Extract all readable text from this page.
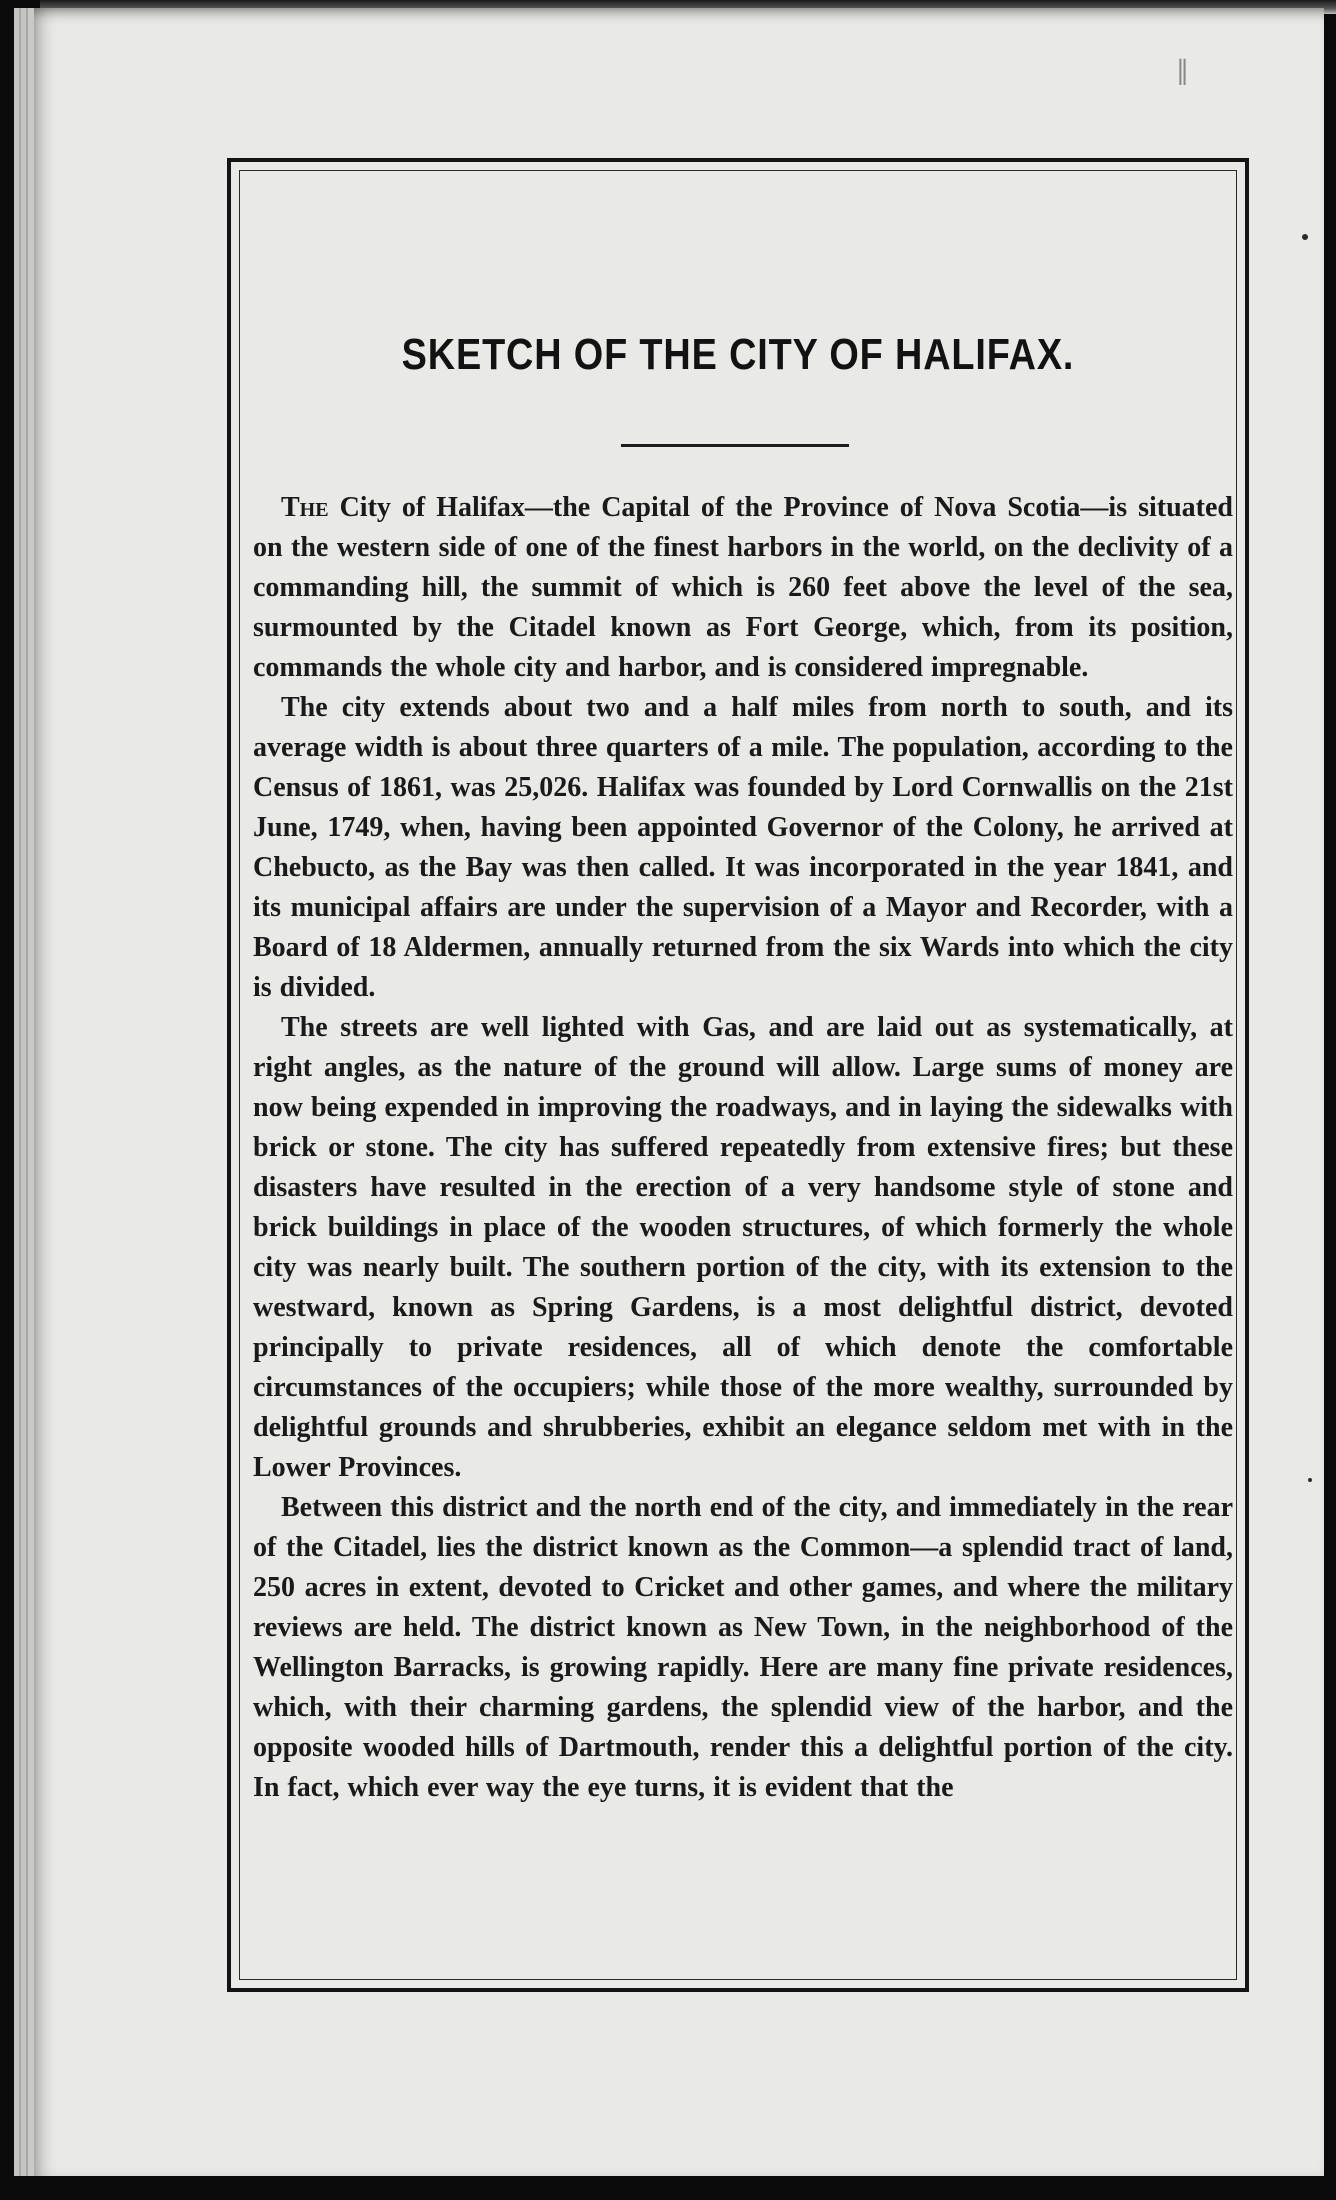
‖
SKETCH OF THE CITY OF HALIFAX.

The City of Halifax—the Capital of the Province of Nova Scotia—is situated on the western side of one of the finest harbors in the world, on the declivity of a commanding hill, the summit of which is 260 feet above the level of the sea, surmounted by the Citadel known as Fort George, which, from its position, commands the whole city and harbor, and is considered impregnable.

The city extends about two and a half miles from north to south, and its average width is about three quarters of a mile. The population, according to the Census of 1861, was 25,026. Halifax was founded by Lord Cornwallis on the 21st June, 1749, when, having been appointed Governor of the Colony, he arrived at Chebucto, as the Bay was then called. It was incorporated in the year 1841, and its municipal affairs are under the supervision of a Mayor and Recorder, with a Board of 18 Aldermen, annually returned from the six Wards into which the city is divided.

The streets are well lighted with Gas, and are laid out as systematically, at right angles, as the nature of the ground will allow. Large sums of money are now being expended in improving the roadways, and in laying the sidewalks with brick or stone. The city has suffered repeatedly from extensive fires; but these disasters have resulted in the erection of a very handsome style of stone and brick buildings in place of the wooden structures, of which formerly the whole city was nearly built. The southern portion of the city, with its extension to the westward, known as Spring Gardens, is a most delightful district, devoted principally to private residences, all of which denote the comfortable circumstances of the occupiers; while those of the more wealthy, surrounded by delightful grounds and shrubberies, exhibit an elegance seldom met with in the Lower Provinces.

Between this district and the north end of the city, and immediately in the rear of the Citadel, lies the district known as the Common—a splendid tract of land, 250 acres in extent, devoted to Cricket and other games, and where the military reviews are held. The district known as New Town, in the neighborhood of the Wellington Barracks, is growing rapidly. Here are many fine private residences, which, with their charming gardens, the splendid view of the harbor, and the opposite wooded hills of Dartmouth, render this a delightful portion of the city. In fact, which ever way the eye turns, it is evident that the
